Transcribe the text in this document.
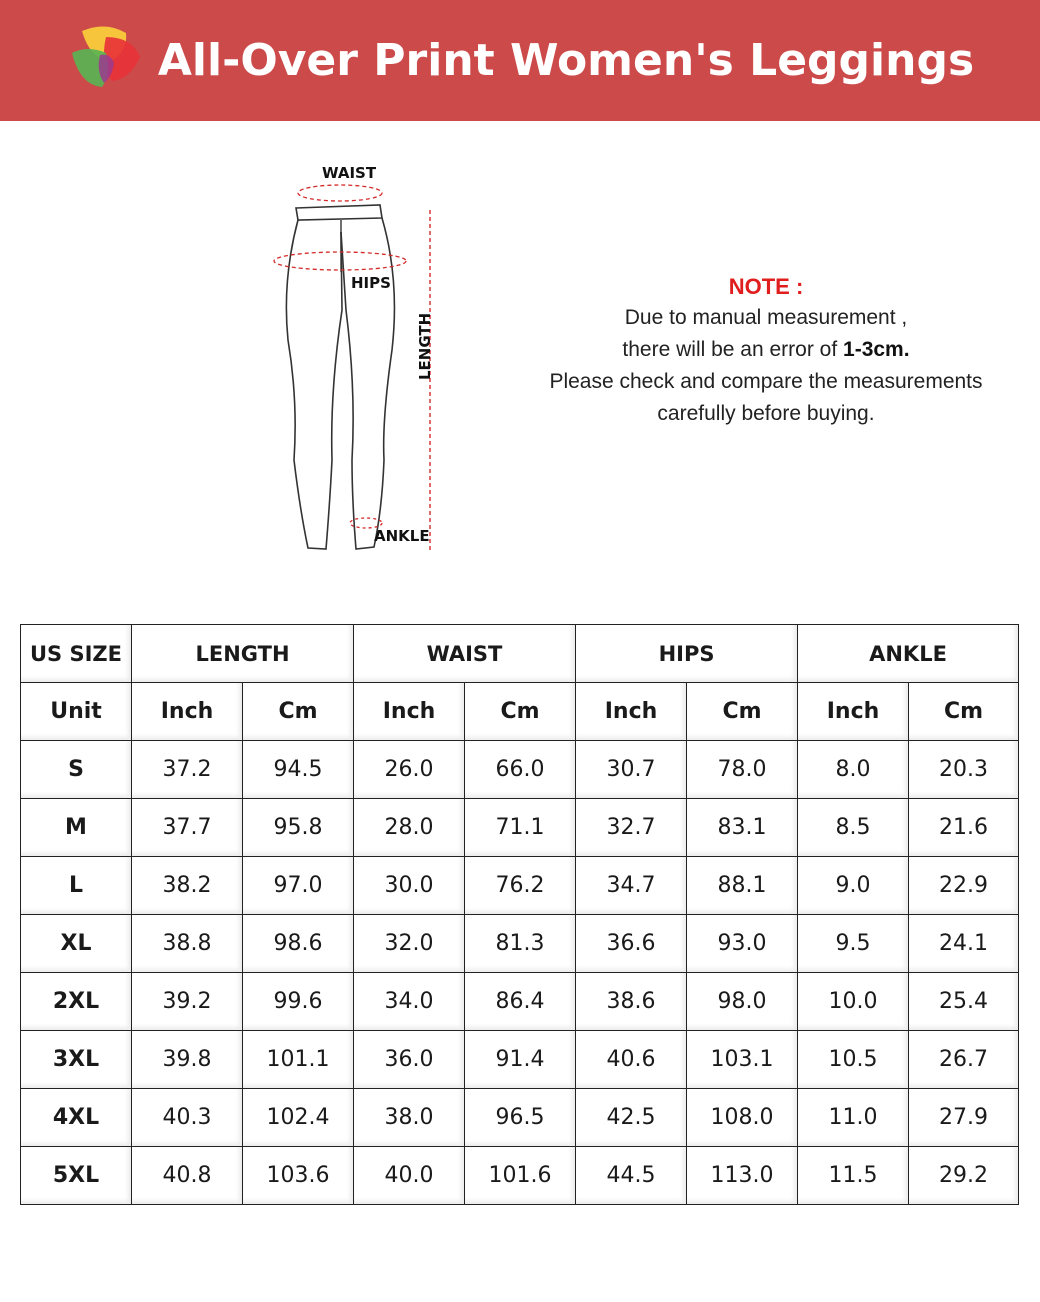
All-Over Print Women's Leggings
WAIST
HIPS
LENGTH
ANKLE
NOTE :
Due to manual measurement ,
there will be an error of 1-3cm.
Please check and compare the measurements
carefully before buying.
US SIZE	LENGTH		WAIST		HIPS		ANKLE	
Unit	Inch	Cm	Inch	Cm	Inch	Cm	Inch	Cm
S	37.2	94.5	26.0	66.0	30.7	78.0	8.0	20.3
M	37.7	95.8	28.0	71.1	32.7	83.1	8.5	21.6
L	38.2	97.0	30.0	76.2	34.7	88.1	9.0	22.9
XL	38.8	98.6	32.0	81.3	36.6	93.0	9.5	24.1
2XL	39.2	99.6	34.0	86.4	38.6	98.0	10.0	25.4
3XL	39.8	101.1	36.0	91.4	40.6	103.1	10.5	26.7
4XL	40.3	102.4	38.0	96.5	42.5	108.0	11.0	27.9
5XL	40.8	103.6	40.0	101.6	44.5	113.0	11.5	29.2
